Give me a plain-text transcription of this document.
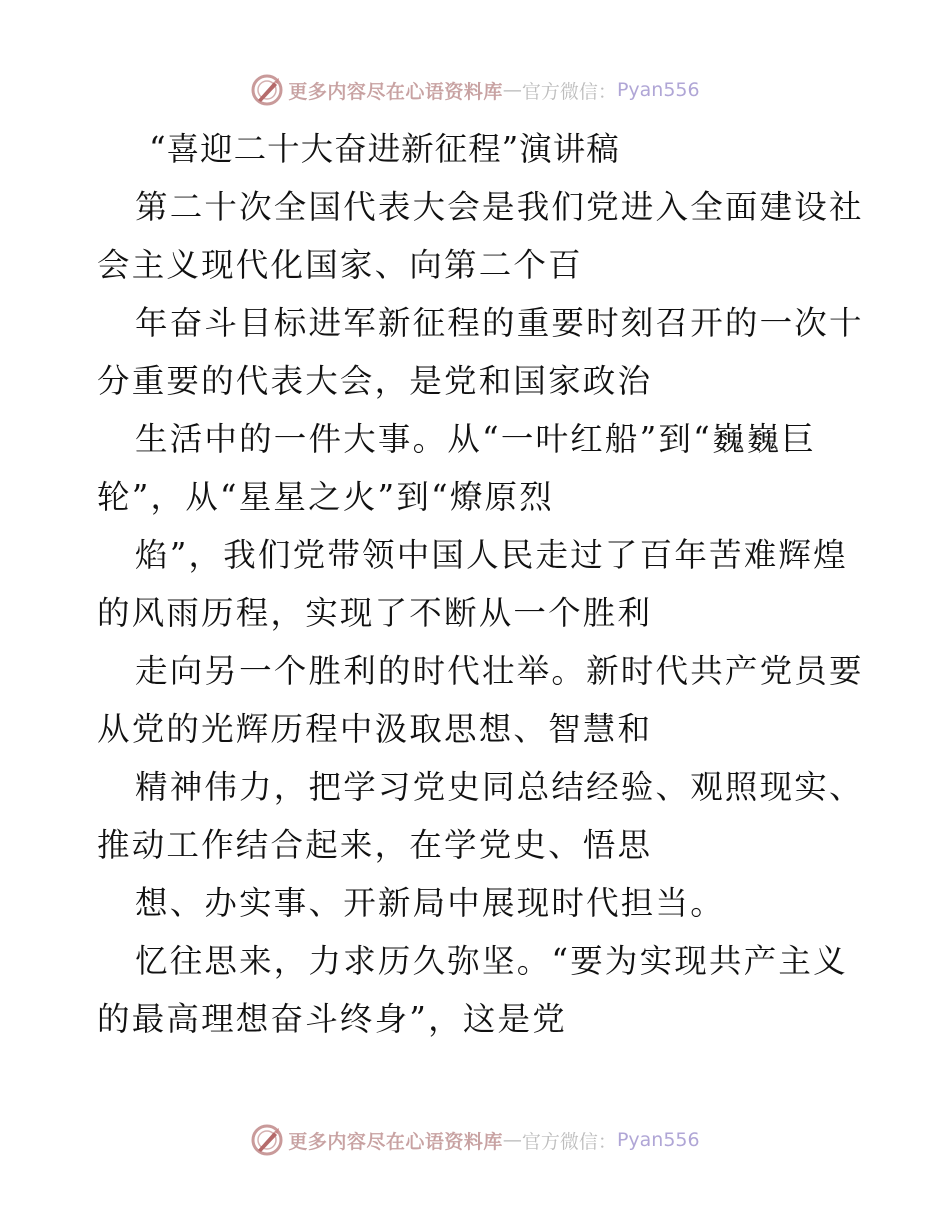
更多内容尽在心语资料库 — 官方微信： Pyan556
“喜迎二十大奋进新征程”演讲稿
第二十次全国代表大会是我们党进入全面建设社
会主义现代化国家、向第二个百
年奋斗目标进军新征程的重要时刻召开的一次十
分重要的代表大会，是党和国家政治
生活中的一件大事。从“一叶红船”到“巍巍巨
轮”，从“星星之火”到“燎原烈
焰”，我们党带领中国人民走过了百年苦难辉煌
的风雨历程，实现了不断从一个胜利
走向另一个胜利的时代壮举。新时代共产党员要
从党的光辉历程中汲取思想、智慧和
精神伟力，把学习党史同总结经验、观照现实、
推动工作结合起来，在学党史、悟思
想、办实事、开新局中展现时代担当。
忆往思来，力求历久弥坚。“要为实现共产主义
的最高理想奋斗终身”，这是党
更多内容尽在心语资料库 — 官方微信： Pyan556
